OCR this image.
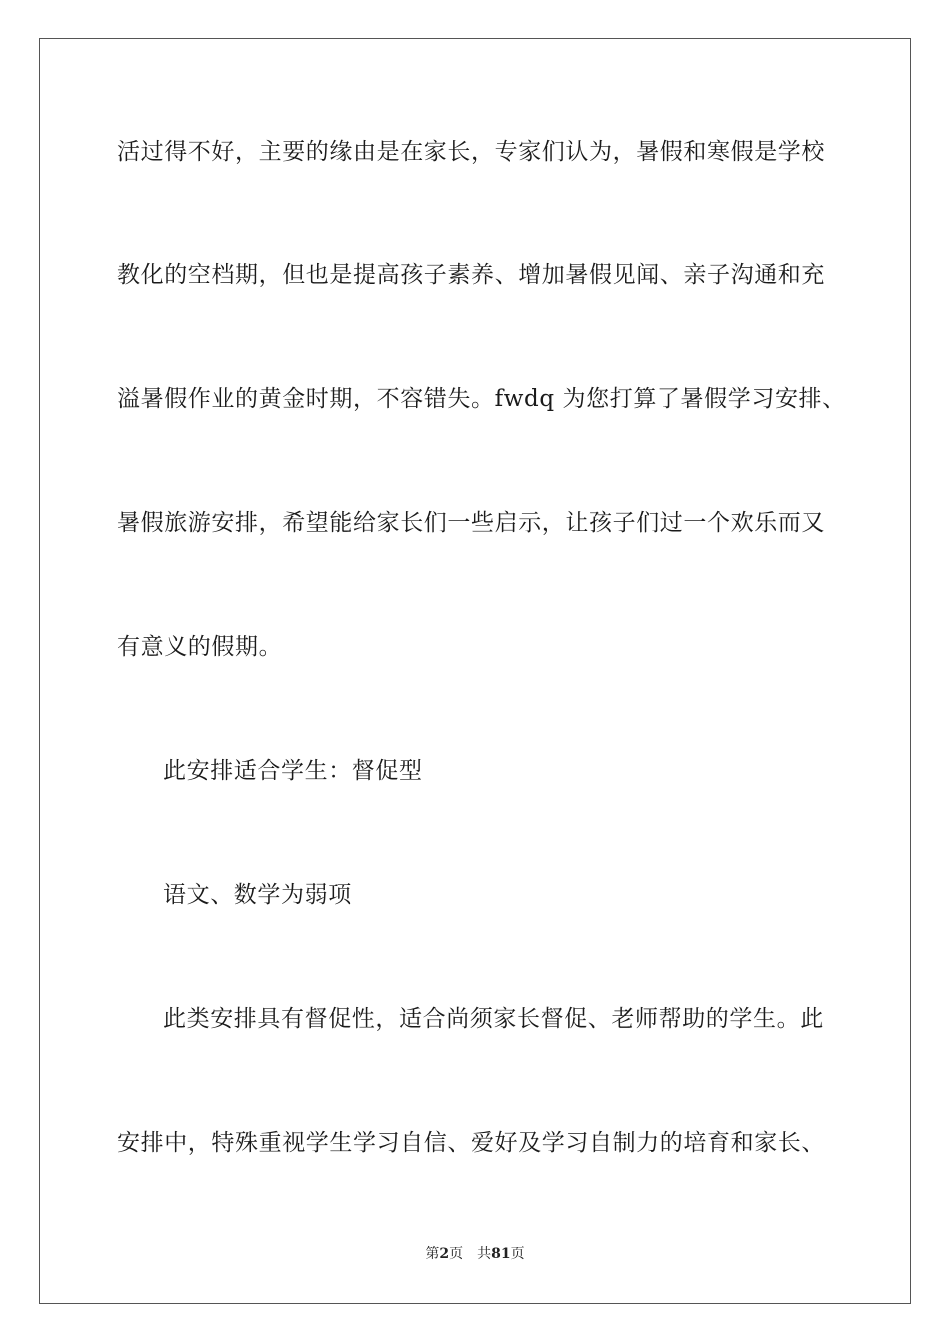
活过得不好，主要的缘由是在家长，专家们认为，暑假和寒假是学校
教化的空档期，但也是提高孩子素养、增加暑假见闻、亲子沟通和充
溢暑假作业的黄金时期，不容错失。fwdq 为您打算了暑假学习安排、
暑假旅游安排，希望能给家长们一些启示，让孩子们过一个欢乐而又
有意义的假期。
此安排适合学生：督促型
语文、数学为弱项
此类安排具有督促性，适合尚须家长督促、老师帮助的学生。此
安排中，特殊重视学生学习自信、爱好及学习自制力的培育和家长、
第2页 共81页
